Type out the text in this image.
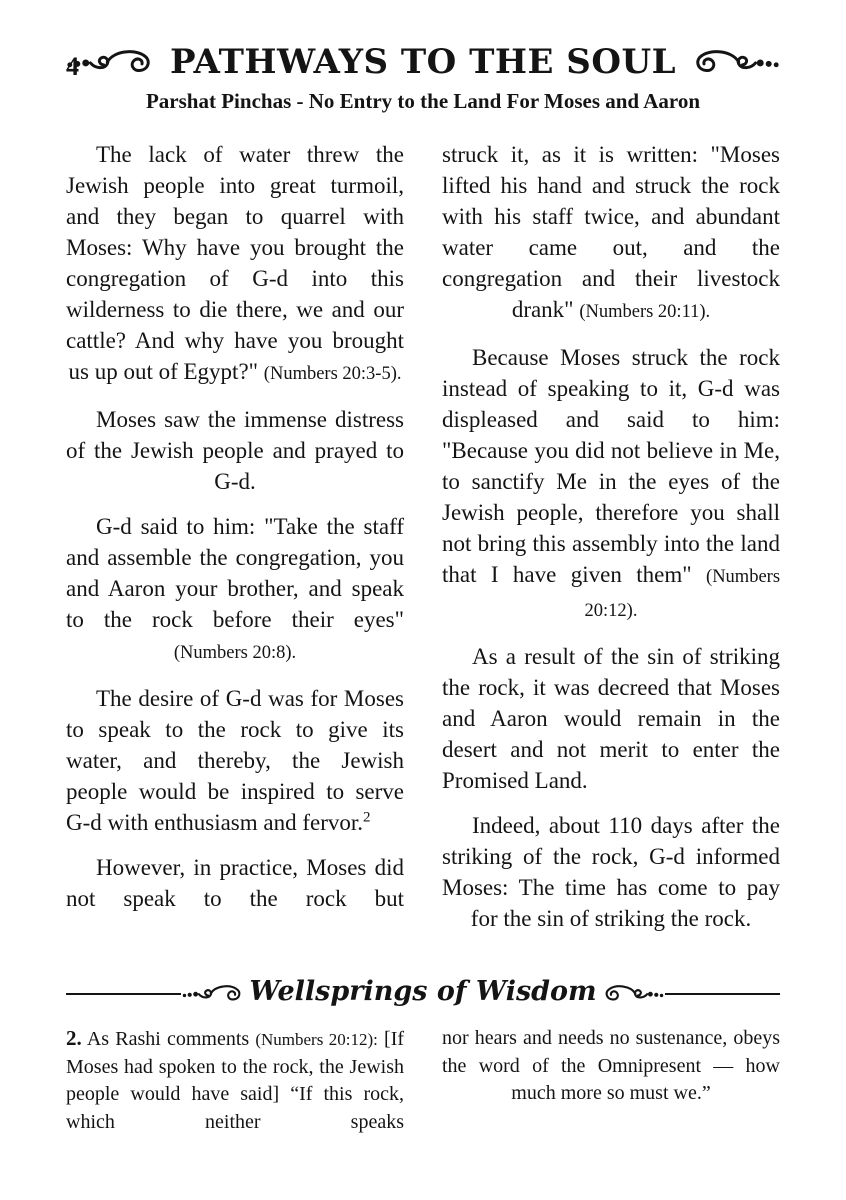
4	PATHWAYS TO THE SOUL
Parshat Pinchas - No Entry to the Land For Moses and Aaron

The lack of water threw the Jewish people into great turmoil, and they began to quarrel with Moses: Why have you brought the congregation of G-d into this wilderness to die there, we and our cattle? And why have you brought us up out of Egypt?" (Numbers 20:3-5).

Moses saw the immense distress of the Jewish people and prayed to G-d.

G-d said to him: "Take the staff and assemble the congregation, you and Aaron your brother, and speak to the rock before their eyes" (Numbers 20:8).

The desire of G-d was for Moses to speak to the rock to give its water, and thereby, the Jewish people would be inspired to serve G-d with enthusiasm and fervor.$^2$

However, in practice, Moses did not speak to the rock but

struck it, as it is written: "Moses lifted his hand and struck the rock with his staff twice, and abundant water came out, and the congregation and their livestock drank" (Numbers 20:11).

Because Moses struck the rock instead of speaking to it, G-d was displeased and said to him: "Because you did not believe in Me, to sanctify Me in the eyes of the Jewish people, therefore you shall not bring this assembly into the land that I have given them" (Numbers 20:12).

As a result of the sin of striking the rock, it was decreed that Moses and Aaron would remain in the desert and not merit to enter the Promised Land.

Indeed, about 110 days after the striking of the rock, G-d informed Moses: The time has come to pay for the sin of striking the rock.

Wellsprings of Wisdom

2. As Rashi comments (Numbers 20:12): [If Moses had spoken to the rock, the Jewish people would have said] “If this rock, which neither speaks

nor hears and needs no sustenance, obeys the word of the Omnipresent — how much more so must we.”
